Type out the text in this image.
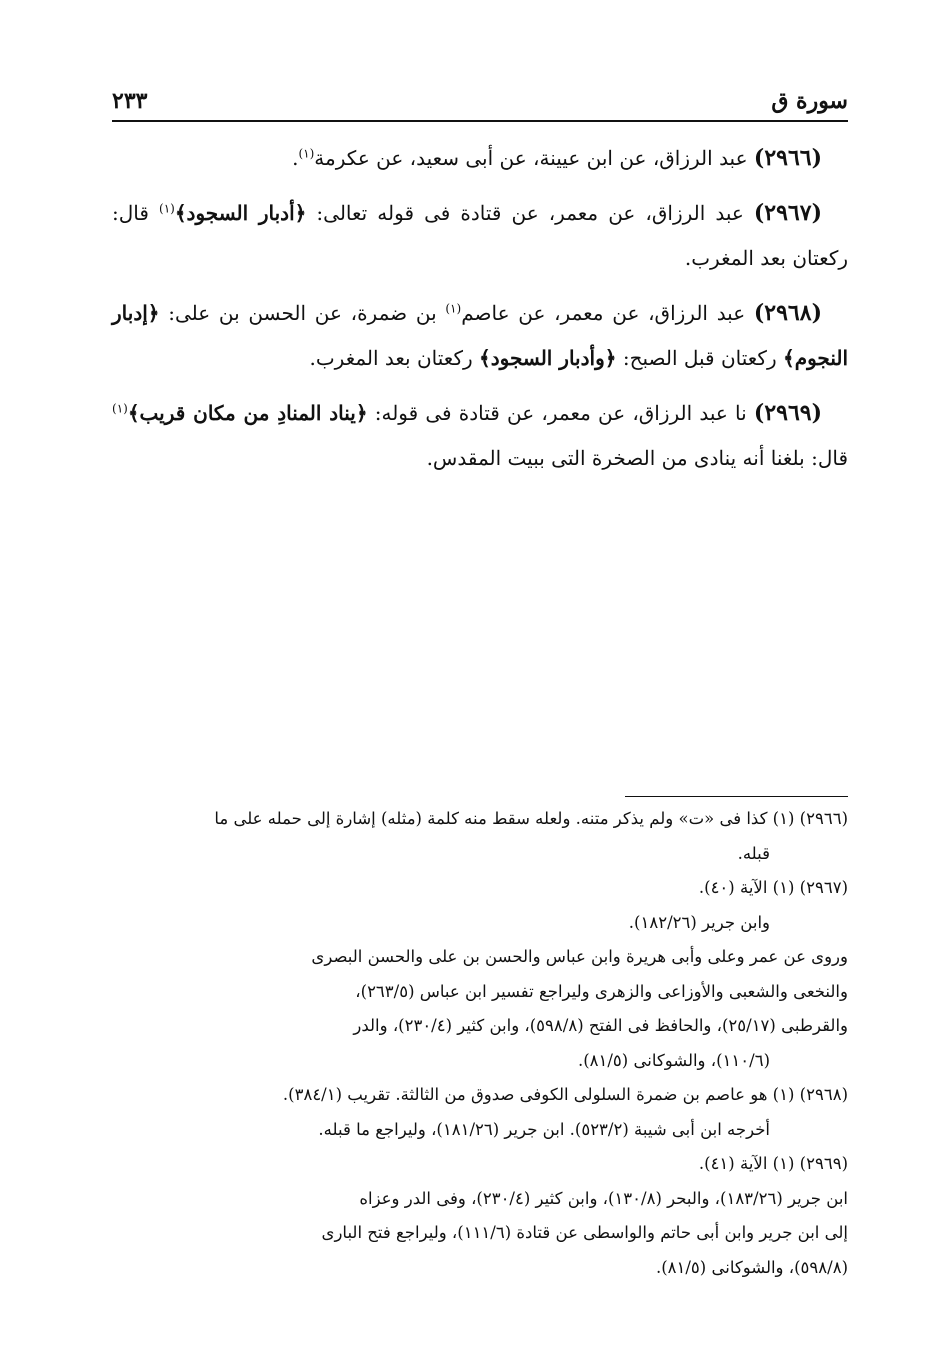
سورة ق
٢٣٣

(٢٩٦٦) عبد الرزاق، عن ابن عيينة، عن أبى سعيد، عن عكرمة$^{(١)}$.

(٢٩٦٧) عبد الرزاق، عن معمر، عن قتادة فى قوله تعالى: ﴿أدبار السجود﴾$^{(١)}$ قال: ركعتان بعد المغرب.

(٢٩٦٨) عبد الرزاق، عن معمر، عن عاصم$^{(١)}$ بن ضمرة، عن الحسن بن على: ﴿إدبار النجوم﴾ ركعتان قبل الصبح: ﴿وأدبار السجود﴾ ركعتان بعد المغرب.

(٢٩٦٩) نا عبد الرزاق، عن معمر، عن قتادة فى قوله: ﴿يناد المنادِ من مكان قريب﴾$^{(١)}$ قال: بلغنا أنه ينادى من الصخرة التى ببيت المقدس.

(٢٩٦٦) (١) كذا فى «ت» ولم يذكر متنه. ولعله سقط منه كلمة (مثله) إشارة إلى حمله على ما
قبله.
(٢٩٦٧) (١) الآية (٤٠).
وابن جرير (١٨٢/٢٦).
وروى عن عمر وعلى وأبى هريرة وابن عباس والحسن بن على والحسن البصرى
والنخعى والشعبى والأوزاعى والزهرى وليراجع تفسير ابن عباس (٢٦٣/٥)،
والقرطبى (٢٥/١٧)، والحافظ فى الفتح (٥٩٨/٨)، وابن كثير (٢٣٠/٤)، والدر
(١١٠/٦)، والشوكانى (٨١/٥).
(٢٩٦٨) (١) هو عاصم بن ضمرة السلولى الكوفى صدوق من الثالثة. تقريب (٣٨٤/١).
أخرجه ابن أبى شيبة (٥٢٣/٢). ابن جرير (١٨١/٢٦)، وليراجع ما قبله.
(٢٩٦٩) (١) الآية (٤١).
ابن جرير (١٨٣/٢٦)، والبحر (١٣٠/٨)، وابن كثير (٢٣٠/٤)، وفى الدر وعزاه
إلى ابن جرير وابن أبى حاتم والواسطى عن قتادة (١١١/٦)، وليراجع فتح البارى
(٥٩٨/٨)، والشوكانى (٨١/٥).
